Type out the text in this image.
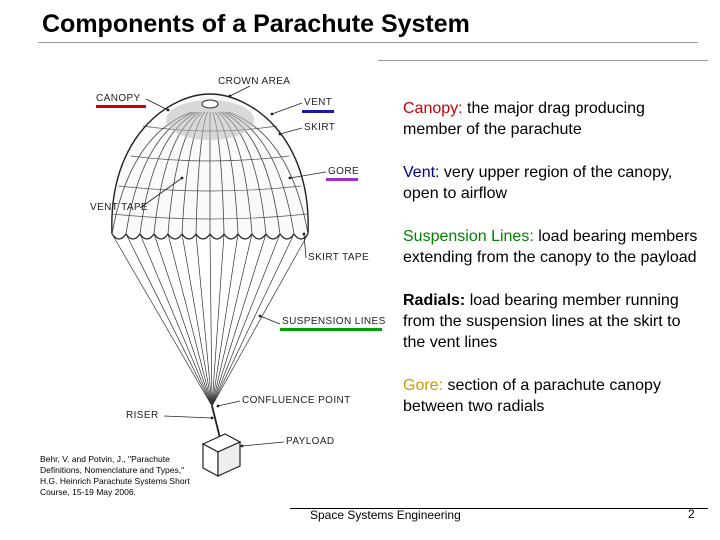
Components of a Parachute System
CROWN AREA
CANOPY	VENT
SKIRT
GORE
VENT TAPE
SKIRT TAPE
SUSPENSION LINES
RISER
CONFLUENCE POINT
PAYLOAD
Canopy: the major drag producing member of the parachute
Vent: very upper region of the canopy, open to airflow
Suspension Lines: load bearing members extending from the canopy to the payload
Radials: load bearing member running from the suspension lines at the skirt to the vent lines
Gore: section of a parachute canopy between two radials
Behr, V. and Potvin, J., "Parachute Definitions, Nomenclature and Types," H.G. Heinrich Parachute Systems Short Course, 15-19 May 2006.
Space Systems Engineering	2
